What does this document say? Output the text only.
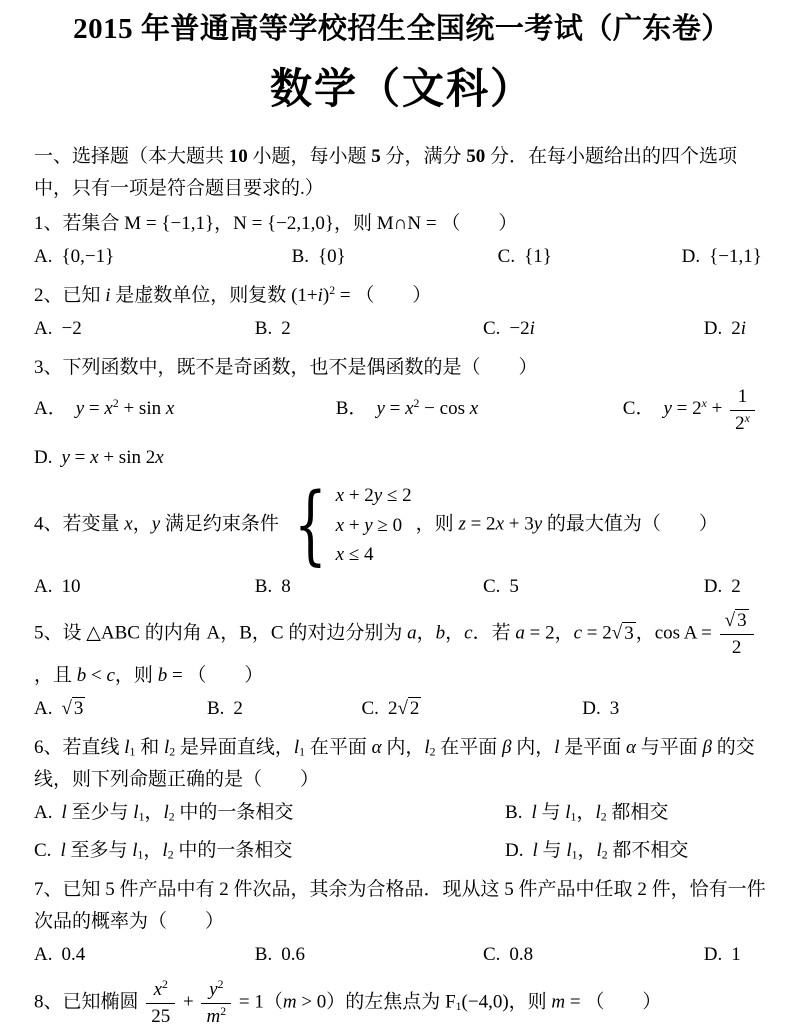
2015 年普通高等学校招生全国统一考试（广东卷）
数学（文科）
一、选择题（本大题共 10 小题，每小题 5 分，满分 50 分．在每小题给出的四个选项中，只有一项是符合题目要求的.）
1、若集合 M = {−1,1}，N = {−2,1,0}，则 M∩N = （　　）
A. {0,−1}	B. {0}	C. {1}	D. {−1,1}
2、已知 i 是虚数单位，则复数 $(1+i)^2$ = （　　）
A. −2	B. 2	C. −2i	D. 2i
3、下列函数中，既不是奇函数，也不是偶函数的是（　　）
A． $y = x^2 + \sin x$	B． $y = x^2 - \cos x$	C． $y = 2^x + \frac{1}{2^x}$
D. y = x + sin 2x
4、若变量 x，y 满足约束条件 { x + 2y ≤ 2
x + y ≥ 0
x ≤ 4
，则 z = 2x + 3y 的最大值为（　　）
A. 10	B. 8	C. 5	D. 2
5、设 △ABC 的内角 A，B，C 的对边分别为 a，b，c．若 a = 2，c = 2√ 3 ，$\cos A = \frac{√ 3}{2}$
，且 b < c，则 b = （　　）
A. √ 3	B. 2	C. 2√ 2	D. 3
6、若直线 l1 和 l2 是异面直线，l1 在平面 α 内，l2 在平面 β 内，l 是平面 α 与平面 β 的交线，则下列命题正确的是（　　）
A. l 至少与 l1，l2 中的一条相交	B. l 与 l1，l2 都相交
C. l 至多与 l1，l2 中的一条相交	D. l 与 l1，l2 都不相交
7、已知 5 件产品中有 2 件次品，其余为合格品．现从这 5 件产品中任取 2 件，恰有一件次品的概率为（　　）
A. 0.4	B. 0.6	C. 0.8	D. 1
8、已知椭圆 $\frac{x^2}{25} + \frac{y^2}{m^2} = 1(m > 0)$的左焦点为 F1(−4,0)，则 m = （　　）
